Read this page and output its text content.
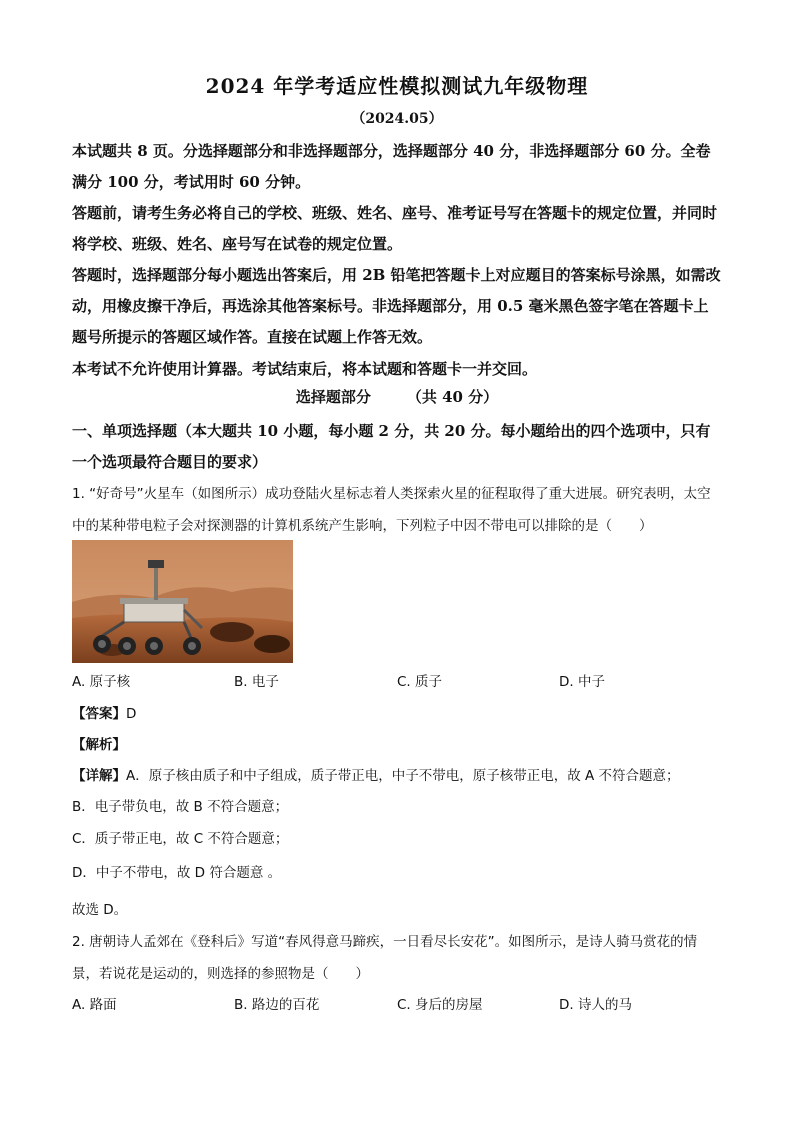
2024 年学考适应性模拟测试九年级物理
（2024.05）

本试题共 8 页。分选择题部分和非选择题部分，选择题部分 40 分，非选择题部分 60 分。全卷满分 100 分，考试用时 60 分钟。

答题前，请考生务必将自己的学校、班级、姓名、座号、准考证号写在答题卡的规定位置，并同时将学校、班级、姓名、座号写在试卷的规定位置。

答题时，选择题部分每小题选出答案后，用 2B 铅笔把答题卡上对应题目的答案标号涂黑，如需改动，用橡皮擦干净后，再选涂其他答案标号。非选择题部分，用 0.5 毫米黑色签字笔在答题卡上题号所提示的答题区域作答。直接在试题上作答无效。

本考试不允许使用计算器。考试结束后，将本试题和答题卡一并交回。

选择题部分 （共 40 分）
一、单项选择题（本大题共 10 小题，每小题 2 分，共 20 分。每小题给出的四个选项中，只有一个选项最符合题目的要求）
1. “好奇号”火星车（如图所示）成功登陆火星标志着人类探索火星的征程取得了重大进展。研究表明，太空中的某种带电粒子会对探测器的计算机系统产生影响，下列粒子中因不带电可以排除的是（　　）
A. 原子核	B. 电子	C. 质子	D. 中子
【答案】D
【解析】
【详解】A．原子核由质子和中子组成，质子带正电，中子不带电，原子核带正电，故 A 不符合题意；
B．电子带负电，故 B 不符合题意；
C．质子带正电，故 C 不符合题意；
D．中子不带电，故 D 符合题意 。
故选 D。
2. 唐朝诗人孟郊在《登科后》写道“春风得意马蹄疾，一日看尽长安花”。如图所示，是诗人骑马赏花的情景，若说花是运动的，则选择的参照物是（　　）
A. 路面	B. 路边的百花	C. 身后的房屋	D. 诗人的马
